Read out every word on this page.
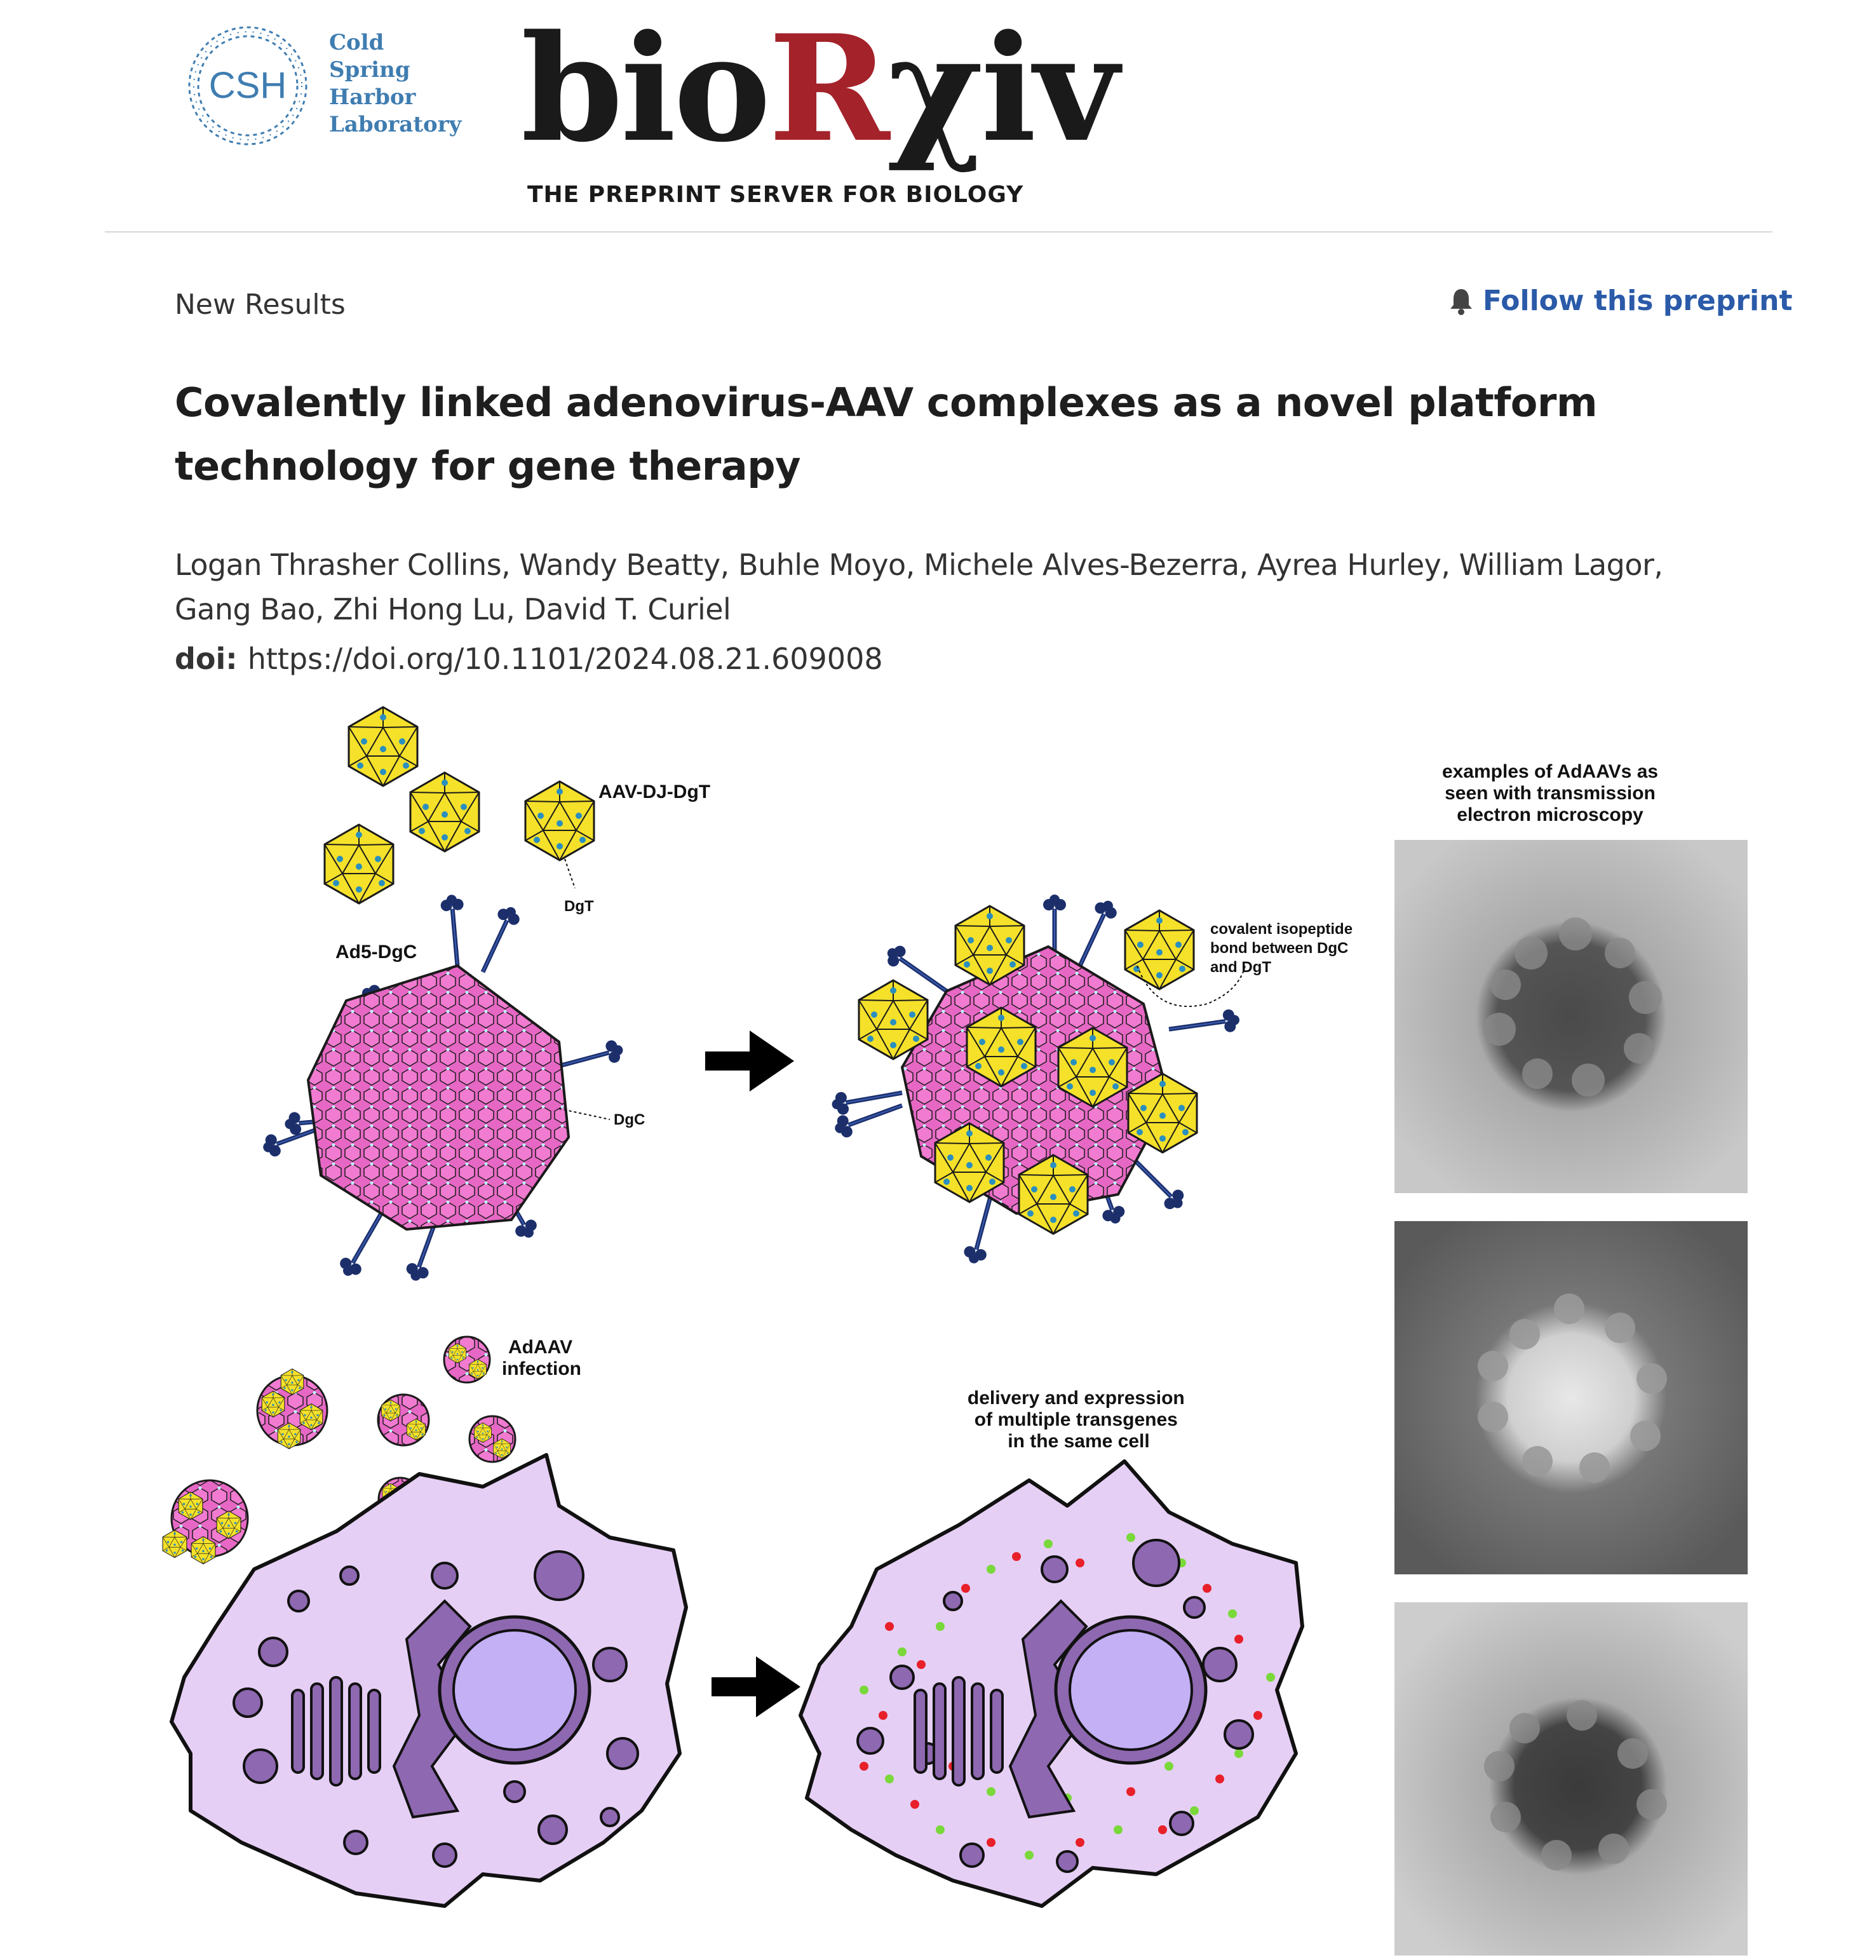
CSH
Cold
Spring
Harbor
Laboratory bioRχiv
THE PREPRINT SERVER FOR BIOLOGY
New Results	Follow this preprint
Covalently linked adenovirus-AAV complexes as a novel platform technology for gene therapy
Logan Thrasher Collins, Wandy Beatty, Buhle Moyo, Michele Alves-Bezerra, Ayrea Hurley, William Lagor,
Gang Bao, Zhi Hong Lu, David T. Curiel
doi: https://doi.org/10.1101/2024.08.21.609008
AAV-DJ-DgT
DgT
Ad5-DgC
DgC
covalent isopeptide bond between DgC and DgT
AdAAV infection
delivery and expression of multiple transgenes in the same cell
examples of AdAAVs as
seen with transmission
electron microscopy
